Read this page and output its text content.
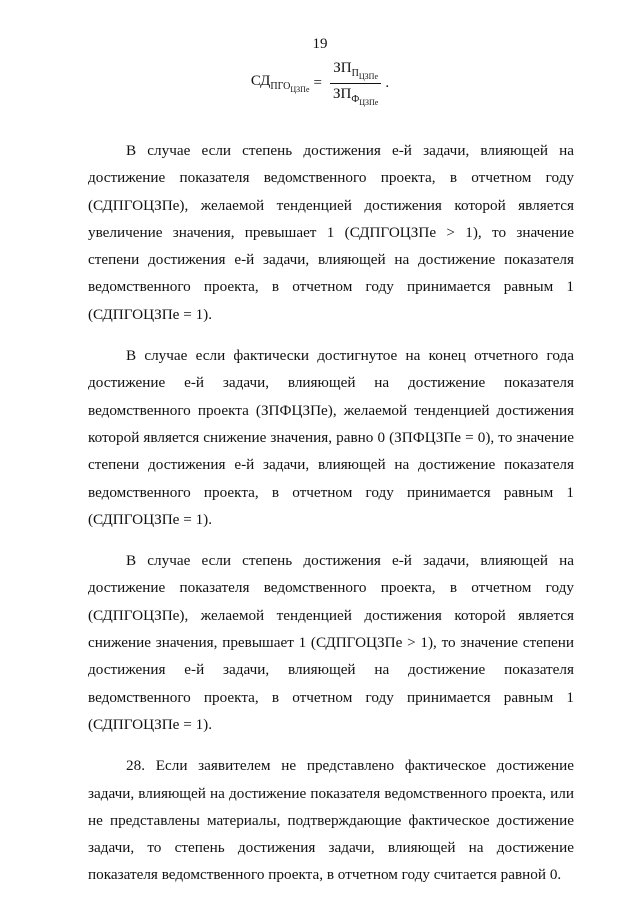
19
$СД_{ПГО_{ЦЗПе}} = \frac{ЗП_{П_{ЦЗПе}}}{ЗП_{Ф_{ЦЗПе}}}$ .

В случае если степень достижения е-й задачи, влияющей на достижение показателя ведомственного проекта, в отчетном году (СДПГОЦЗПе), желаемой тенденцией достижения которой является увеличение значения, превышает 1 (СДПГОЦЗПе > 1), то значение степени достижения е-й задачи, влияющей на достижение показателя ведомственного проекта, в отчетном году принимается равным 1 (СДПГОЦЗПе = 1).

В случае если фактически достигнутое на конец отчетного года достижение е-й задачи, влияющей на достижение показателя ведомственного проекта (ЗПФЦЗПе), желаемой тенденцией достижения которой является снижение значения, равно 0 (ЗПФЦЗПе = 0), то значение степени достижения е-й задачи, влияющей на достижение показателя ведомственного проекта, в отчетном году принимается равным 1 (СДПГОЦЗПе = 1).

В случае если степень достижения е-й задачи, влияющей на достижение показателя ведомственного проекта, в отчетном году (СДПГОЦЗПе), желаемой тенденцией достижения которой является снижение значения, превышает 1 (СДПГОЦЗПе > 1), то значение степени достижения е-й задачи, влияющей на достижение показателя ведомственного проекта, в отчетном году принимается равным 1 (СДПГОЦЗПе = 1).

28. Если заявителем не представлено фактическое достижение задачи, влияющей на достижение показателя ведомственного проекта, или не представлены материалы, подтверждающие фактическое достижение задачи, то степень достижения задачи, влияющей на достижение показателя ведомственного проекта, в отчетном году считается равной 0.
